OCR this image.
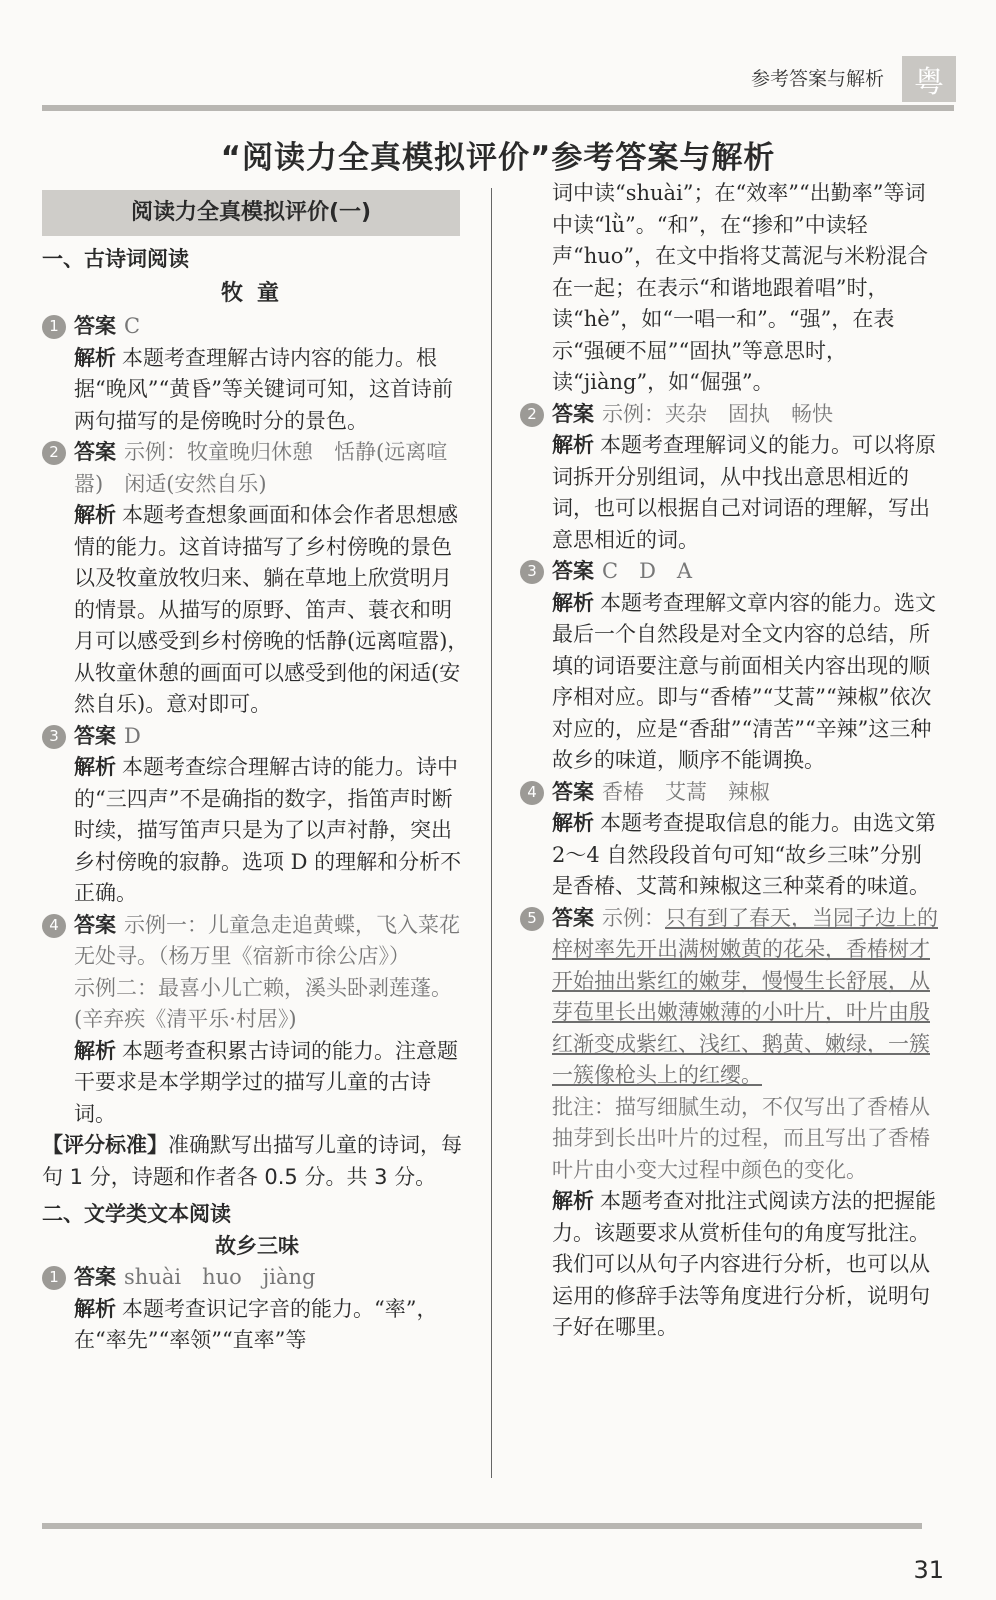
参考答案与解析	粤
“阅读力全真模拟评价”参考答案与解析
阅读力全真模拟评价(一)
一、古诗词阅读
牧童
1 答案 C
解析 本题考查理解古诗内容的能力。根据“晚风”“黄昏”等关键词可知，这首诗前两句描写的是傍晚时分的景色。
2 答案 示例：牧童晚归休憩　恬静(远离喧嚣)　闲适(安然自乐)
解析 本题考查想象画面和体会作者思想感情的能力。这首诗描写了乡村傍晚的景色以及牧童放牧归来、躺在草地上欣赏明月的情景。从描写的原野、笛声、蓑衣和明月可以感受到乡村傍晚的恬静(远离喧嚣)，从牧童休憩的画面可以感受到他的闲适(安然自乐)。意对即可。
3 答案 D
解析 本题考查综合理解古诗的能力。诗中的“三四声”不是确指的数字，指笛声时断时续，描写笛声只是为了以声衬静，突出乡村傍晚的寂静。选项 D 的理解和分析不正确。
4 答案 示例一：儿童急走追黄蝶，飞入菜花无处寻。（杨万里《宿新市徐公店》）
示例二：最喜小儿亡赖，溪头卧剥莲蓬。(辛弃疾《清平乐·村居》)
解析 本题考查积累古诗词的能力。注意题干要求是本学期学过的描写儿童的古诗词。
【评分标准】准确默写出描写儿童的诗词，每句 1 分，诗题和作者各 0.5 分。共 3 分。
二、文学类文本阅读
故乡三味
1 答案 shuài　huo　jiàng
解析 本题考查识记字音的能力。“率”，在“率先”“率领”“直率”等
词中读“shuài”；在“效率”“出勤率”等词中读“lǜ”。“和”，在“掺和”中读轻声“huo”，在文中指将艾蒿泥与米粉混合在一起；在表示“和谐地跟着唱”时，读“hè”，如“一唱一和”。“强”，在表示“强硬不屈”“固执”等意思时，读“jiàng”，如“倔强”。
2 答案 示例：夹杂　固执　畅快
解析 本题考查理解词义的能力。可以将原词拆开分别组词，从中找出意思相近的词，也可以根据自己对词语的理解，写出意思相近的词。
3 答案 C　D　A
解析 本题考查理解文章内容的能力。选文最后一个自然段是对全文内容的总结，所填的词语要注意与前面相关内容出现的顺序相对应。即与“香椿”“艾蒿”“辣椒”依次对应的，应是“香甜”“清苦”“辛辣”这三种故乡的味道，顺序不能调换。
4 答案 香椿　艾蒿　辣椒
解析 本题考查提取信息的能力。由选文第 2～4 自然段段首句可知“故乡三味”分别是香椿、艾蒿和辣椒这三种菜肴的味道。
5 答案 示例：只有到了春天，当园子边上的梓树率先开出满树嫩黄的花朵，香椿树才开始抽出紫红的嫩芽，慢慢生长舒展，从芽苞里长出嫩薄嫩薄的小叶片，叶片由殷红渐变成紫红、浅红、鹅黄、嫩绿，一簇一簇像枪头上的红缨。
批注：描写细腻生动，不仅写出了香椿从抽芽到长出叶片的过程，而且写出了香椿叶片由小变大过程中颜色的变化。
解析 本题考查对批注式阅读方法的把握能力。该题要求从赏析佳句的角度写批注。我们可以从句子内容进行分析，也可以从运用的修辞手法等角度进行分析，说明句子好在哪里。
31
